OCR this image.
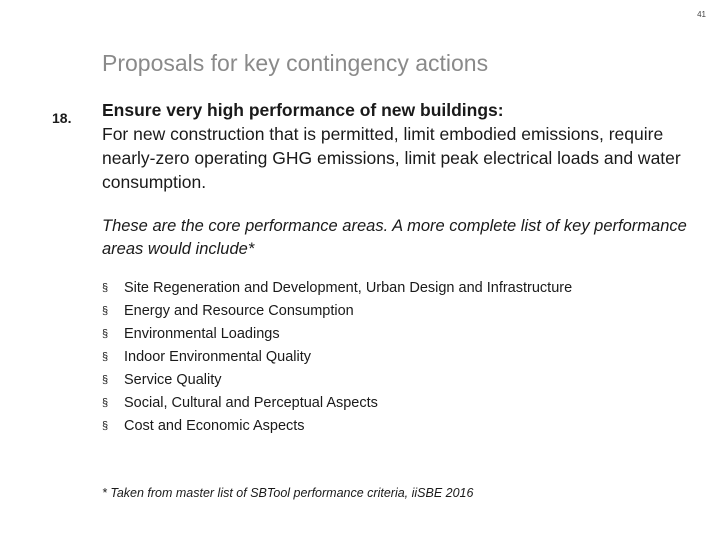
41
Proposals for key contingency actions
18. Ensure very high performance of new buildings:
For new construction that is permitted, limit embodied emissions, require nearly-zero operating GHG emissions, limit peak electrical loads and water consumption.
These are the core performance areas. A more complete list of key performance areas would include*
§	Site Regeneration and Development, Urban Design and Infrastructure
§	Energy and Resource Consumption
§	Environmental Loadings
§	Indoor Environmental Quality
§	Service Quality
§	Social, Cultural and Perceptual Aspects
§	Cost and Economic Aspects
* Taken from master list of SBTool performance criteria, iiSBE 2016
